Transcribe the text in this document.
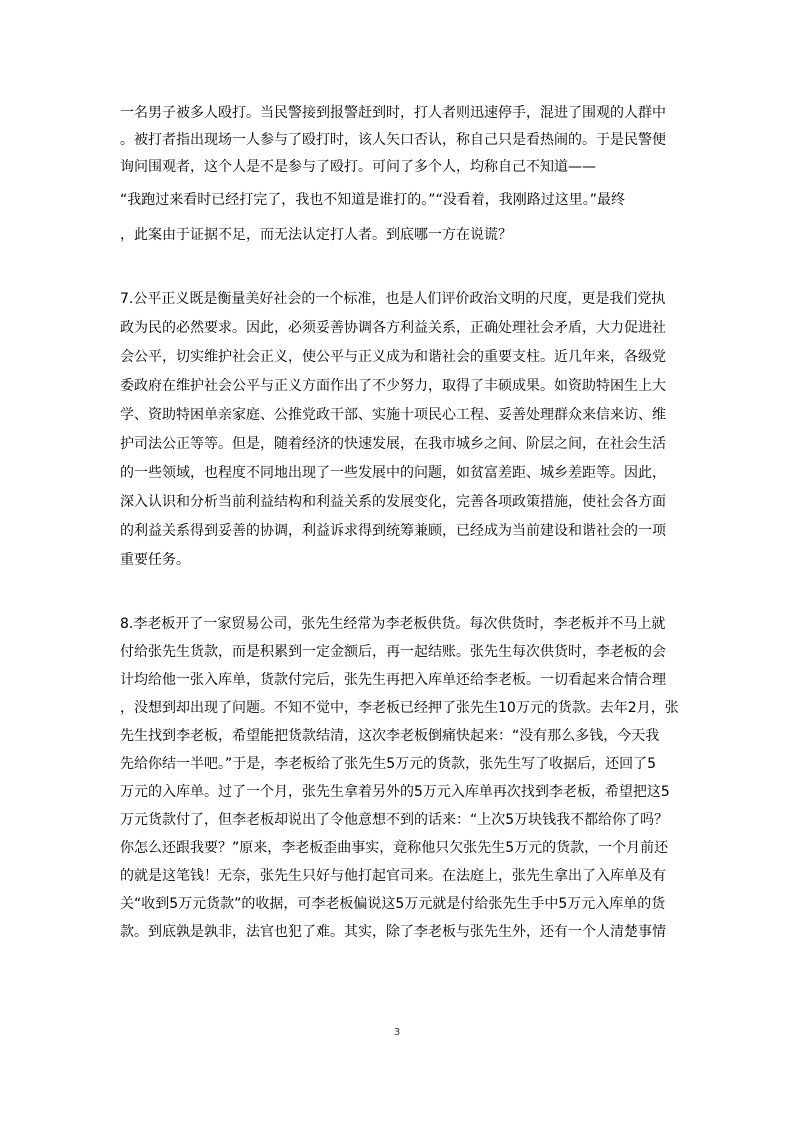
一名男子被多人殴打。当民警接到报警赶到时，打人者则迅速停手，混进了围观的人群中
。被打者指出现场一人参与了殴打时，该人矢口否认，称自己只是看热闹的。于是民警便
询问围观者，这个人是不是参与了殴打。可问了多个人，均称自己不知道——
“我跑过来看时已经打完了，我也不知道是谁打的。”“没看着，我刚路过这里。”最终
，此案由于证据不足，而无法认定打人者。到底哪一方在说谎？
7.公平正义既是衡量美好社会的一个标准，也是人们评价政治文明的尺度，更是我们党执
政为民的必然要求。因此，必须妥善协调各方利益关系，正确处理社会矛盾，大力促进社
会公平，切实维护社会正义，使公平与正义成为和谐社会的重要支柱。近几年来，各级党
委政府在维护社会公平与正义方面作出了不少努力，取得了丰硕成果。如资助特困生上大
学、资助特困单亲家庭、公推党政干部、实施十项民心工程、妥善处理群众来信来访、维
护司法公正等等。但是，随着经济的快速发展，在我市城乡之间、阶层之间，在社会生活
的一些领域，也程度不同地出现了一些发展中的问题，如贫富差距、城乡差距等。因此，
深入认识和分析当前利益结构和利益关系的发展变化，完善各项政策措施，使社会各方面
的利益关系得到妥善的协调，利益诉求得到统筹兼顾，已经成为当前建设和谐社会的一项
重要任务。
8.李老板开了一家贸易公司，张先生经常为李老板供货。每次供货时，李老板并不马上就
付给张先生货款，而是积累到一定金额后，再一起结账。张先生每次供货时，李老板的会
计均给他一张入库单，货款付完后，张先生再把入库单还给李老板。一切看起来合情合理
，没想到却出现了问题。不知不觉中，李老板已经押了张先生10万元的货款。去年2月，张
先生找到李老板，希望能把货款结清，这次李老板倒痛快起来：“没有那么多钱，今天我
先给你结一半吧。”于是，李老板给了张先生5万元的货款，张先生写了收据后，还回了5
万元的入库单。过了一个月，张先生拿着另外的5万元入库单再次找到李老板，希望把这5
万元货款付了，但李老板却说出了令他意想不到的话来：“上次5万块钱我不都给你了吗？
你怎么还跟我要？”原来，李老板歪曲事实，竟称他只欠张先生5万元的货款，一个月前还
的就是这笔钱！无奈，张先生只好与他打起官司来。在法庭上，张先生拿出了入库单及有
关“收到5万元货款”的收据，可李老板偏说这5万元就是付给张先生手中5万元入库单的货
款。到底孰是孰非，法官也犯了难。其实，除了李老板与张先生外，还有一个人清楚事情
3
